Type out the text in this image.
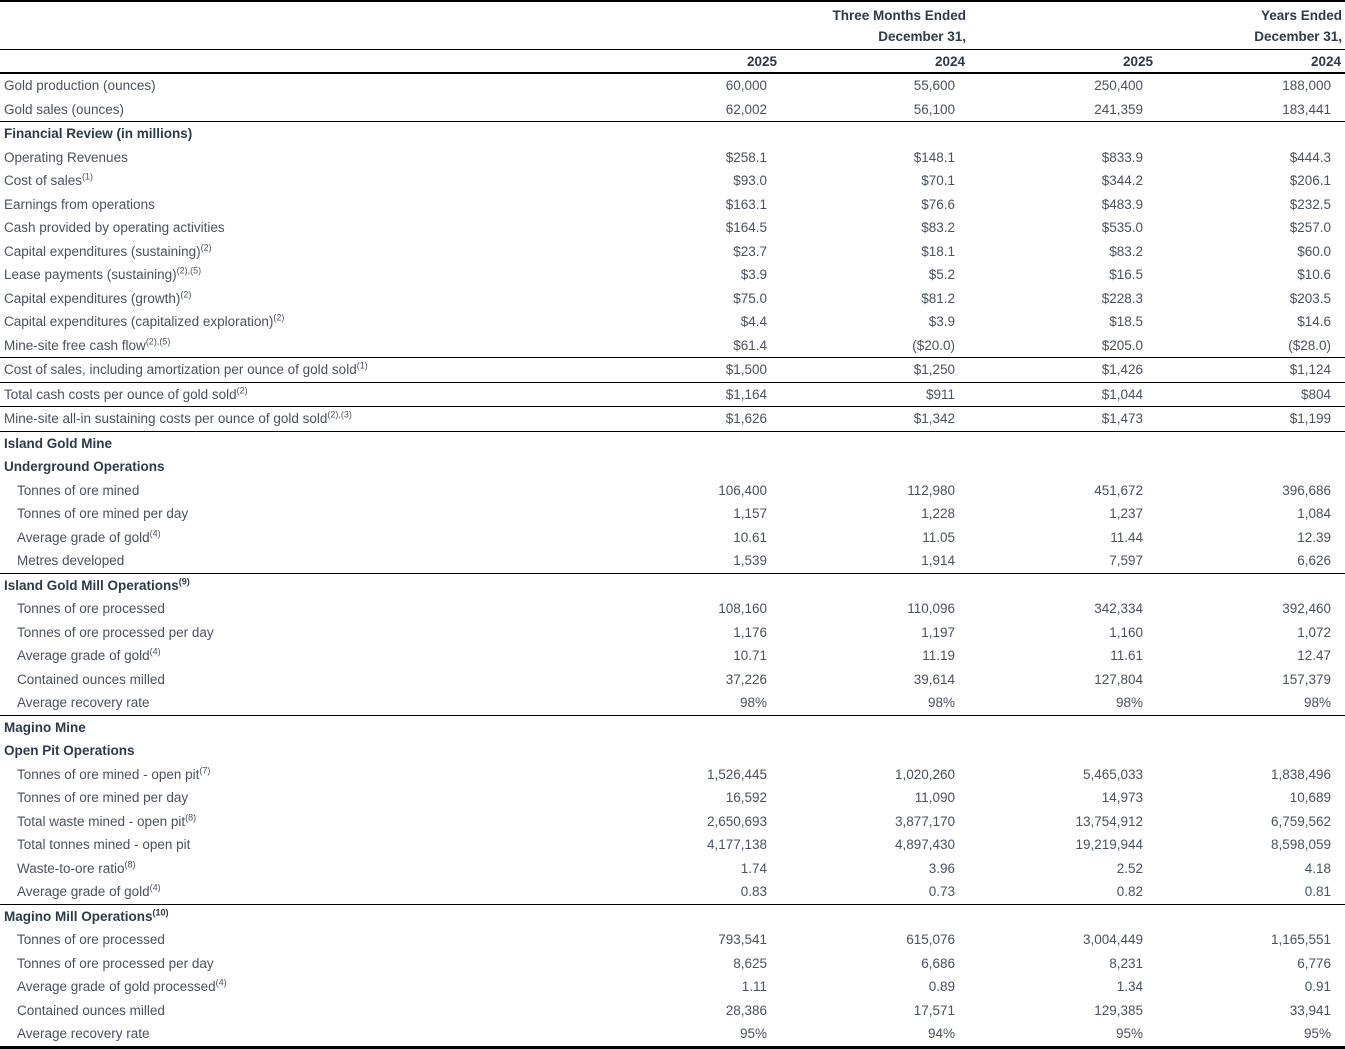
Three Months Ended
December 31,

Years Ended
December 31,

	2025	2024	2025	2024
Gold production (ounces)	60,000	55,600	250,400	188,000
Gold sales (ounces)	62,002	56,100	241,359	183,441
Financial Review (in millions)				
Operating Revenues	$258.1	$148.1	$833.9	$444.3
Cost of sales$^{(1)}$	$93.0	$70.1	$344.2	$206.1
Earnings from operations	$163.1	$76.6	$483.9	$232.5
Cash provided by operating activities	$164.5	$83.2	$535.0	$257.0
Capital expenditures (sustaining)$^{(2)}$	$23.7	$18.1	$83.2	$60.0
Lease payments (sustaining)$^{(2),(5)}$	$3.9	$5.2	$16.5	$10.6
Capital expenditures (growth)$^{(2)}$	$75.0	$81.2	$228.3	$203.5
Capital expenditures (capitalized exploration)$^{(2)}$	$4.4	$3.9	$18.5	$14.6
Mine-site free cash flow$^{(2),(5)}$	$61.4	($20.0)	$205.0	($28.0)
Cost of sales, including amortization per ounce of gold sold$^{(1)}$	$1,500	$1,250	$1,426	$1,124
Total cash costs per ounce of gold sold$^{(2)}$	$1,164	$911	$1,044	$804
Mine-site all-in sustaining costs per ounce of gold sold$^{(2),(3)}$	$1,626	$1,342	$1,473	$1,199
Island Gold Mine				
Underground Operations				
Tonnes of ore mined	106,400	112,980	451,672	396,686
Tonnes of ore mined per day	1,157	1,228	1,237	1,084
Average grade of gold$^{(4)}$	10.61	11.05	11.44	12.39
Metres developed	1,539	1,914	7,597	6,626
Island Gold Mill Operations$^{(9)}$				
Tonnes of ore processed	108,160	110,096	342,334	392,460
Tonnes of ore processed per day	1,176	1,197	1,160	1,072
Average grade of gold$^{(4)}$	10.71	11.19	11.61	12.47
Contained ounces milled	37,226	39,614	127,804	157,379
Average recovery rate	98%	98%	98%	98%
Magino Mine				
Open Pit Operations				
Tonnes of ore mined - open pit$^{(7)}$	1,526,445	1,020,260	5,465,033	1,838,496
Tonnes of ore mined per day	16,592	11,090	14,973	10,689
Total waste mined - open pit$^{(8)}$	2,650,693	3,877,170	13,754,912	6,759,562
Total tonnes mined - open pit	4,177,138	4,897,430	19,219,944	8,598,059
Waste-to-ore ratio$^{(8)}$	1.74	3.96	2.52	4.18
Average grade of gold$^{(4)}$	0.83	0.73	0.82	0.81
Magino Mill Operations$^{(10)}$				
Tonnes of ore processed	793,541	615,076	3,004,449	1,165,551
Tonnes of ore processed per day	8,625	6,686	8,231	6,776
Average grade of gold processed$^{(4)}$	1.11	0.89	1.34	0.91
Contained ounces milled	28,386	17,571	129,385	33,941
Average recovery rate	95%	94%	95%	95%
